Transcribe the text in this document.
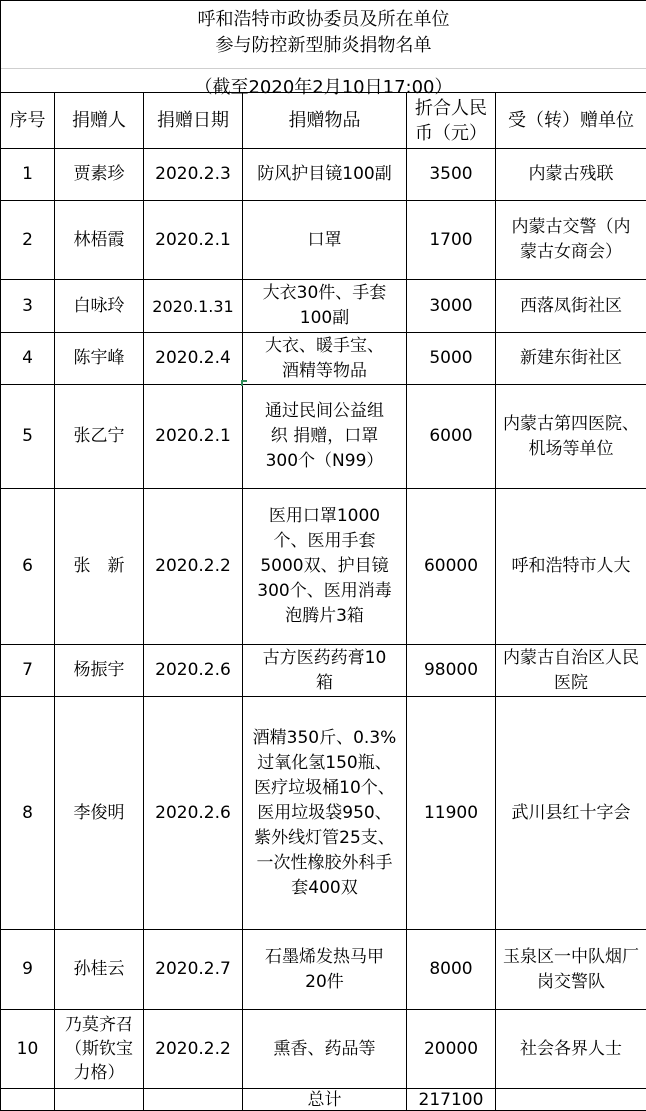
呼和浩特市政协委员及所在单位
参与防控新型肺炎捐物名单

（截至2020年2月10日17:00）
序号	捐赠人	捐赠日期	捐赠物品	折合人民币（元）	受（转）赠单位
1	贾素珍	2020.2.3	防风护目镜100副	3500	内蒙古残联
2	林梧霞	2020.2.1	口罩	1700	内蒙古交警（内蒙古女商会）
3	白咏玲	2020.1.31	大衣30件、手套100副	3000	西落凤街社区
4	陈宇峰	2020.2.4	大衣、暖手宝、酒精等物品	5000	新建东街社区
5	张乙宁	2020.2.1	通过民间公益组织 捐赠，口罩300个（N99）	6000	内蒙古第四医院、机场等单位
6	张　新	2020.2.2	医用口罩1000个、医用手套5000双、护目镜300个、医用消毒泡腾片3箱	60000	呼和浩特市人大
7	杨振宇	2020.2.6	古方医药药膏10箱	98000	内蒙古自治区人民医院
8	李俊明	2020.2.6	酒精350斤、0.3%过氧化氢150瓶、医疗垃圾桶10个、医用垃圾袋950、紫外线灯管25支、一次性橡胶外科手套400双	11900	武川县红十字会
9	孙桂云	2020.2.7	石墨烯发热马甲20件	8000	玉泉区一中队烟厂岗交警队
10	乃莫齐召（斯钦宝力格）	2020.2.2	熏香、药品等	20000	社会各界人士
			总计	217100	
